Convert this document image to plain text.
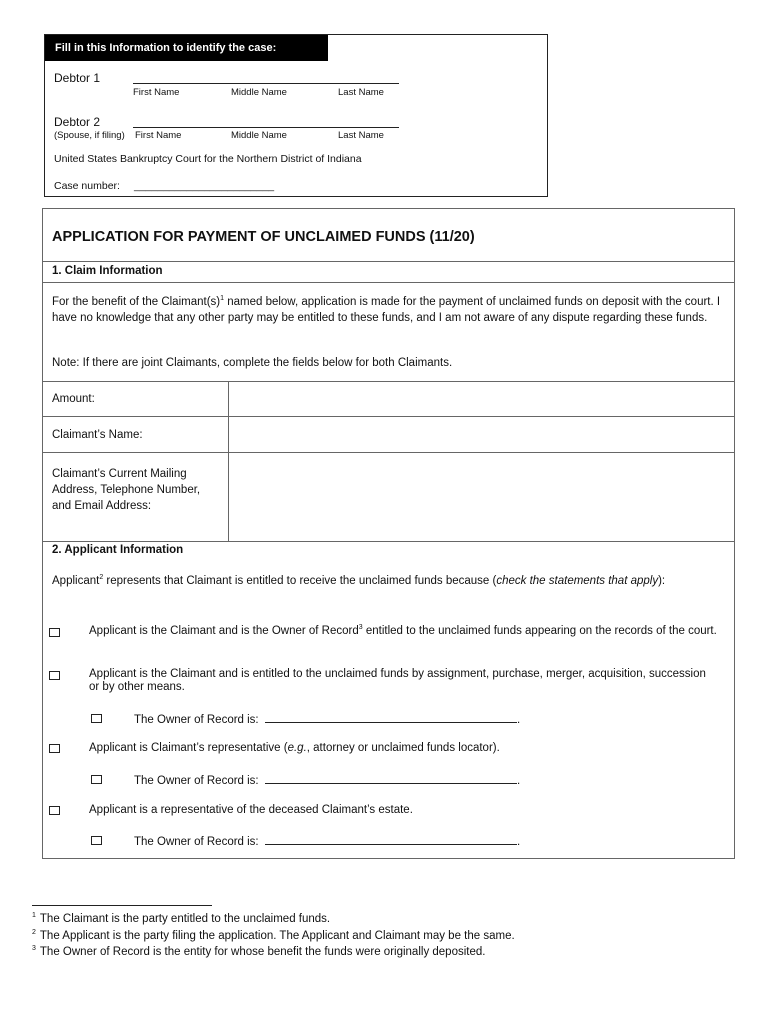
Fill in this Information to identify the case:
Debtor 1
First Name	Middle Name	Last Name
Debtor 2
(Spouse, if filing) First Name	Middle Name	Last Name
United States Bankruptcy Court for the Northern District of Indiana
Case number: ________________________
APPLICATION FOR PAYMENT OF UNCLAIMED FUNDS (11/20)
1. Claim Information
For the benefit of the $Claimant(s)^1$ named below, application is made for the payment of unclaimed funds on deposit with the court. I have no knowledge that any other party may be entitled to these funds, and I am not aware of any dispute regarding these funds.
Note: If there are joint Claimants, complete the fields below for both Claimants.
Amount:
Claimant’s Name:
Claimant’s Current Mailing Address, Telephone Number, and Email Address:
2. Applicant Information
Applicant$^2$ represents that Claimant is entitled to receive the unclaimed funds because (check the statements that apply):
Applicant is the Claimant and is the Owner of Record$^3$ entitled to the unclaimed funds appearing on the records of the court.
Applicant is the Claimant and is entitled to the unclaimed funds by assignment, purchase, merger, acquisition, succession or by other means.
The Owner of Record is:	.
Applicant is Claimant’s representative (e.g., attorney or unclaimed funds locator).
The Owner of Record is:	.
Applicant is a representative of the deceased Claimant’s estate.
The Owner of Record is:	.
$^1$ The Claimant is the party entitled to the unclaimed funds.
$^2$ The Applicant is the party filing the application. The Applicant and Claimant may be the same.
$^3$ The Owner of Record is the entity for whose benefit the funds were originally deposited.
